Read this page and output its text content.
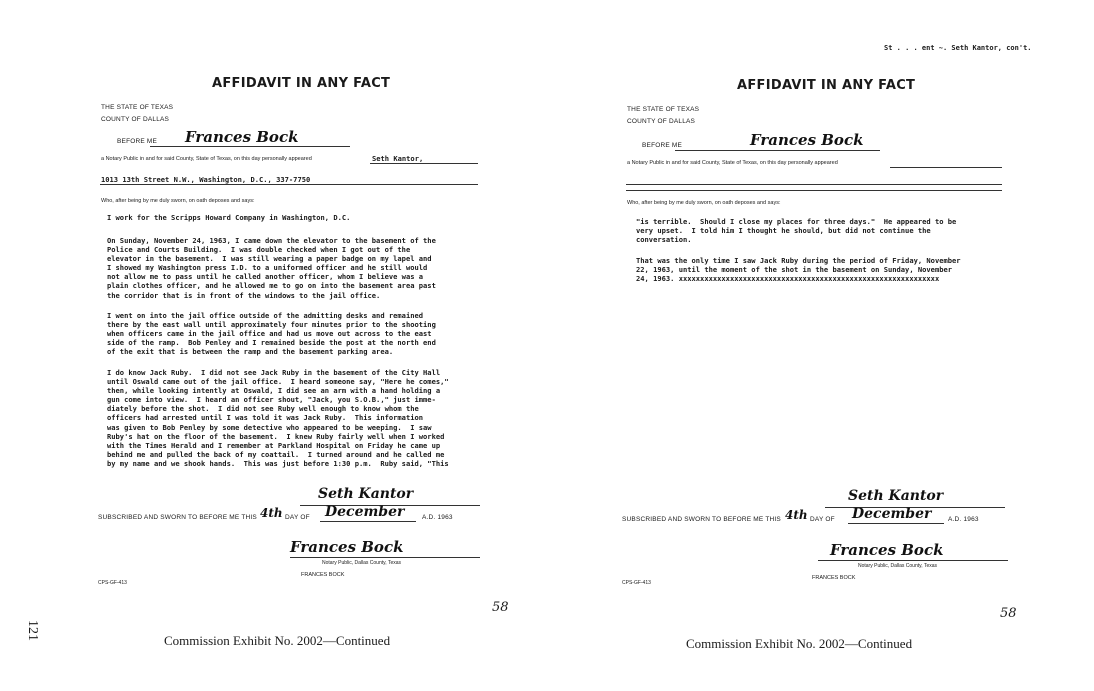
St . . . ent ~. Seth Kantor, con't.
121
AFFIDAVIT IN ANY FACT
THE STATE OF TEXAS
COUNTY OF DALLAS
BEFORE ME Frances Bock
a Notary Public in and for said County, State of Texas, on this day personally appeared	Seth Kantor,
1013 13th Street N.W., Washington, D.C., 337-7750
Who, after being by me duly sworn, on oath deposes and says:
I work for the Scripps Howard Company in Washington, D.C.
On Sunday, November 24, 1963, I came down the elevator to the basement of the
Police and Courts Building.  I was double checked when I got out of the
elevator in the basement.  I was still wearing a paper badge on my lapel and
I showed my Washington press I.D. to a uniformed officer and he still would
not allow me to pass until he called another officer, whom I believe was a
plain clothes officer, and he allowed me to go on into the basement area past
the corridor that is in front of the windows to the jail office.
I went on into the jail office outside of the admitting desks and remained
there by the east wall until approximately four minutes prior to the shooting
when officers came in the jail office and had us move out across to the east
side of the ramp.  Bob Penley and I remained beside the post at the north end
of the exit that is between the ramp and the basement parking area.
I do know Jack Ruby.  I did not see Jack Ruby in the basement of the City Hall
until Oswald came out of the jail office.  I heard someone say, "Here he comes,"
then, while looking intently at Oswald, I did see an arm with a hand holding a
gun come into view.  I heard an officer shout, "Jack, you S.O.B.," just imme-
diately before the shot.  I did not see Ruby well enough to know whom the
officers had arrested until I was told it was Jack Ruby.  This information
was given to Bob Penley by some detective who appeared to be weeping.  I saw
Ruby's hat on the floor of the basement.  I knew Ruby fairly well when I worked
with the Times Herald and I remember at Parkland Hospital on Friday he came up
behind me and pulled the back of my coattail.  I turned around and he called me
by my name and we shook hands.  This was just before 1:30 p.m.  Ruby said, "This
Seth Kantor
SUBSCRIBED AND SWORN TO BEFORE ME THIS 4th DAY OF December	A.D. 1963
Frances Bock
Notary Public, Dallas County, Texas
FRANCES BOCK
CPS-GF-413
58
Commission Exhibit No. 2002—Continued
AFFIDAVIT IN ANY FACT
THE STATE OF TEXAS
COUNTY OF DALLAS
BEFORE ME	Frances Bock
a Notary Public in and for said County, State of Texas, on this day personally appeared
Who, after being by me duly sworn, on oath deposes and says:
"is terrible.  Should I close my places for three days."  He appeared to be
very upset.  I told him I thought he should, but did not continue the
conversation.
That was the only time I saw Jack Ruby during the period of Friday, November
22, 1963, until the moment of the shot in the basement on Sunday, November
24, 1963. xxxxxxxxxxxxxxxxxxxxxxxxxxxxxxxxxxxxxxxxxxxxxxxxxxxxxxxxxxxxx
Seth Kantor
SUBSCRIBED AND SWORN TO BEFORE ME THIS 4th DAY OF December	A.D. 1963
Frances Bock
Notary Public, Dallas County, Texas
FRANCES BOCK
CPS-GF-413
58
Commission Exhibit No. 2002—Continued
